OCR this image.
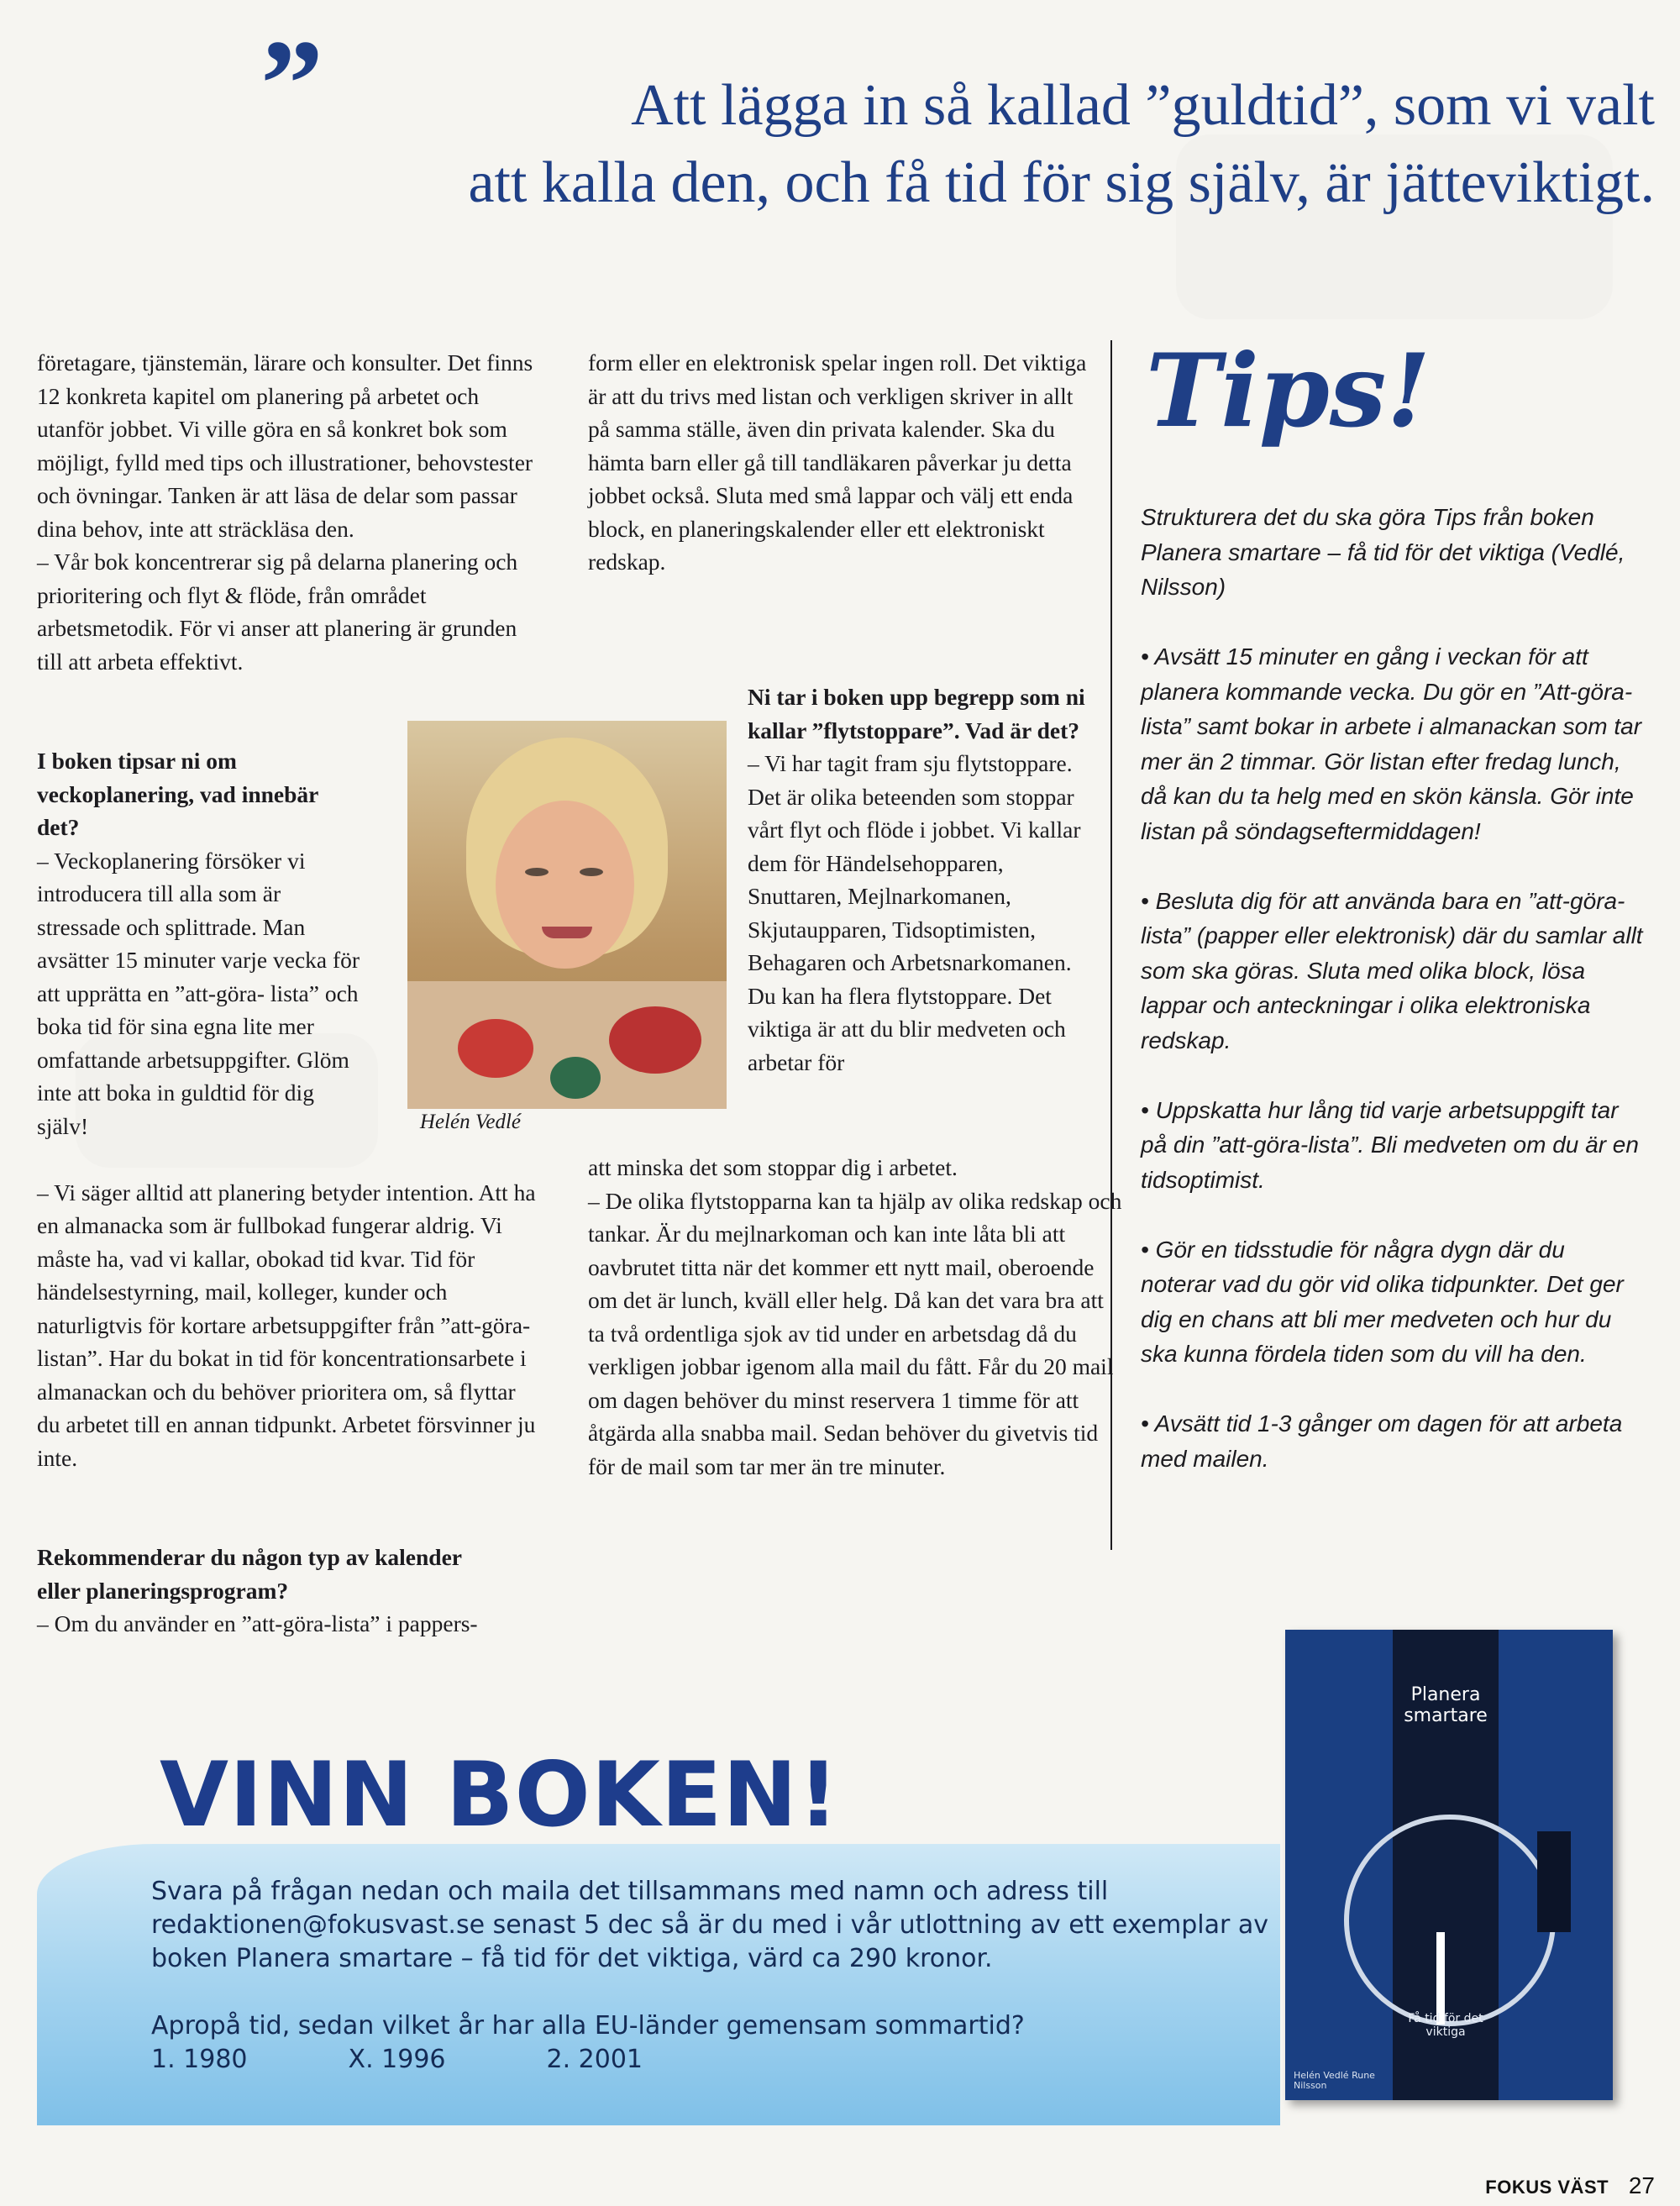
”	Att lägga in så kallad ”guldtid”, som vi valt
att kalla den, och få tid för sig själv, är jätteviktigt.

företagare, tjänstemän, lärare och konsulter. Det finns 12 konkreta kapitel om planering på arbetet och utanför jobbet. Vi ville göra en så konkret bok som möjligt, fylld med tips och illustrationer, behovstester och övningar. Tanken är att läsa de delar som passar dina behov, inte att sträckläsa den.

– Vår bok koncentrerar sig på delarna planering och prioritering och flyt & flöde, från området arbetsmetodik. För vi anser att planering är grunden till att arbeta effektivt.

I boken tipsar ni om veckoplanering, vad innebär det?

– Veckoplanering försöker vi introducera till alla som är stressade och splittrade. Man avsätter 15 minuter varje vecka för att upprätta en ”att-göra- lista” och boka tid för sina egna lite mer omfattande arbetsuppgifter. Glöm inte att boka in guldtid för dig själv!

– Vi säger alltid att planering betyder intention. Att ha en almanacka som är fullbokad fungerar aldrig. Vi måste ha, vad vi kallar, obokad tid kvar. Tid för händelsestyrning, mail, kolleger, kunder och naturligtvis för kortare arbetsuppgifter från ”att-göra-listan”. Har du bokat in tid för koncentrationsarbete i almanackan och du behöver prioritera om, så flyttar du arbetet till en annan tidpunkt. Arbetet försvinner ju inte.

Rekommenderar du någon typ av kalender eller planeringsprogram?

– Om du använder en ”att-göra-lista” i pappers-

Helén Vedlé

form eller en elektronisk spelar ingen roll. Det viktiga är att du trivs med listan och verkligen skriver in allt på samma ställe, även din privata kalender. Ska du hämta barn eller gå till tandläkaren påverkar ju detta jobbet också. Sluta med små lappar och välj ett enda block, en planeringskalender eller ett elektroniskt redskap.

Ni tar i boken upp begrepp som ni kallar ”flytstoppare”. Vad är det?

– Vi har tagit fram sju flytstoppare. Det är olika beteenden som stoppar vårt flyt och flöde i jobbet. Vi kallar dem för Händelsehopparen, Snuttaren, Mejlnarkomanen, Skjutaupparen, Tidsoptimisten, Behagaren och Arbetsnarkomanen. Du kan ha flera flytstoppare. Det viktiga är att du blir medveten och arbetar för

att minska det som stoppar dig i arbetet.

– De olika flytstopparna kan ta hjälp av olika redskap och tankar. Är du mejlnarkoman och kan inte låta bli att oavbrutet titta när det kommer ett nytt mail, oberoende om det är lunch, kväll eller helg. Då kan det vara bra att ta två ordentliga sjok av tid under en arbetsdag då du verkligen jobbar igenom alla mail du fått. Får du 20 mail om dagen behöver du minst reservera 1 timme för att åtgärda alla snabba mail. Sedan behöver du givetvis tid för de mail som tar mer än tre minuter.

Tips!

Strukturera det du ska göra Tips från boken Planera smartare – få tid för det viktiga (Vedlé, Nilsson)

• Avsätt 15 minuter en gång i veckan för att planera kommande vecka. Du gör en ”Att-göra-lista” samt bokar in arbete i almanackan som tar mer än 2 timmar. Gör listan efter fredag lunch, då kan du ta helg med en skön känsla. Gör inte listan på söndagseftermiddagen!

• Besluta dig för att använda bara en ”att-göra-lista” (papper eller elektronisk) där du samlar allt som ska göras. Sluta med olika block, lösa lappar och anteckningar i olika elektroniska redskap.

• Uppskatta hur lång tid varje arbetsuppgift tar på din ”att-göra-lista”. Bli medveten om du är en tidsoptimist.

• Gör en tidsstudie för några dygn där du noterar vad du gör vid olika tidpunkter. Det ger dig en chans att bli mer medveten och hur du ska kunna fördela tiden som du vill ha den.

• Avsätt tid 1-3 gånger om dagen för att arbeta med mailen.

VINN BOKEN!

Svara på frågan nedan och maila det tillsammans med namn och adress till redaktionen@fokusvast.se senast 5 dec så är du med i vår utlottning av ett exemplar av boken Planera smartare – få tid för det viktiga, värd ca 290 kronor.

Apropå tid, sedan vilket år har alla EU-länder gemensam sommartid?

1. 1980	X. 1996	2. 2001
Planera smartare
Få tid för det viktiga
Helén Vedlé Rune Nilsson
FOKUS VÄST 27
